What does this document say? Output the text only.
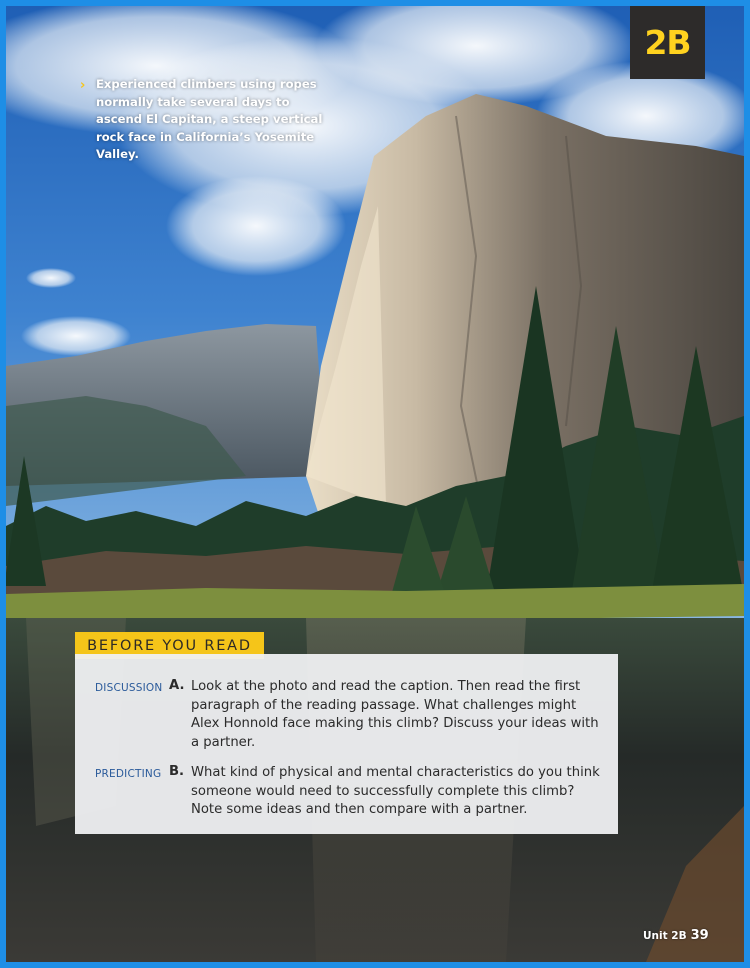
2B
› Experienced climbers using ropes normally take several days to ascend El Capitan, a steep vertical rock face in California’s Yosemite Valley.
BEFORE YOU READ
DISCUSSION A. Look at the photo and read the caption. Then read the first paragraph of the reading passage. What challenges might Alex Honnold face making this climb? Discuss your ideas with a partner.
PREDICTING B. What kind of physical and mental characteristics do you think someone would need to successfully complete this climb? Note some ideas and then compare with a partner.
Unit 2B 39
